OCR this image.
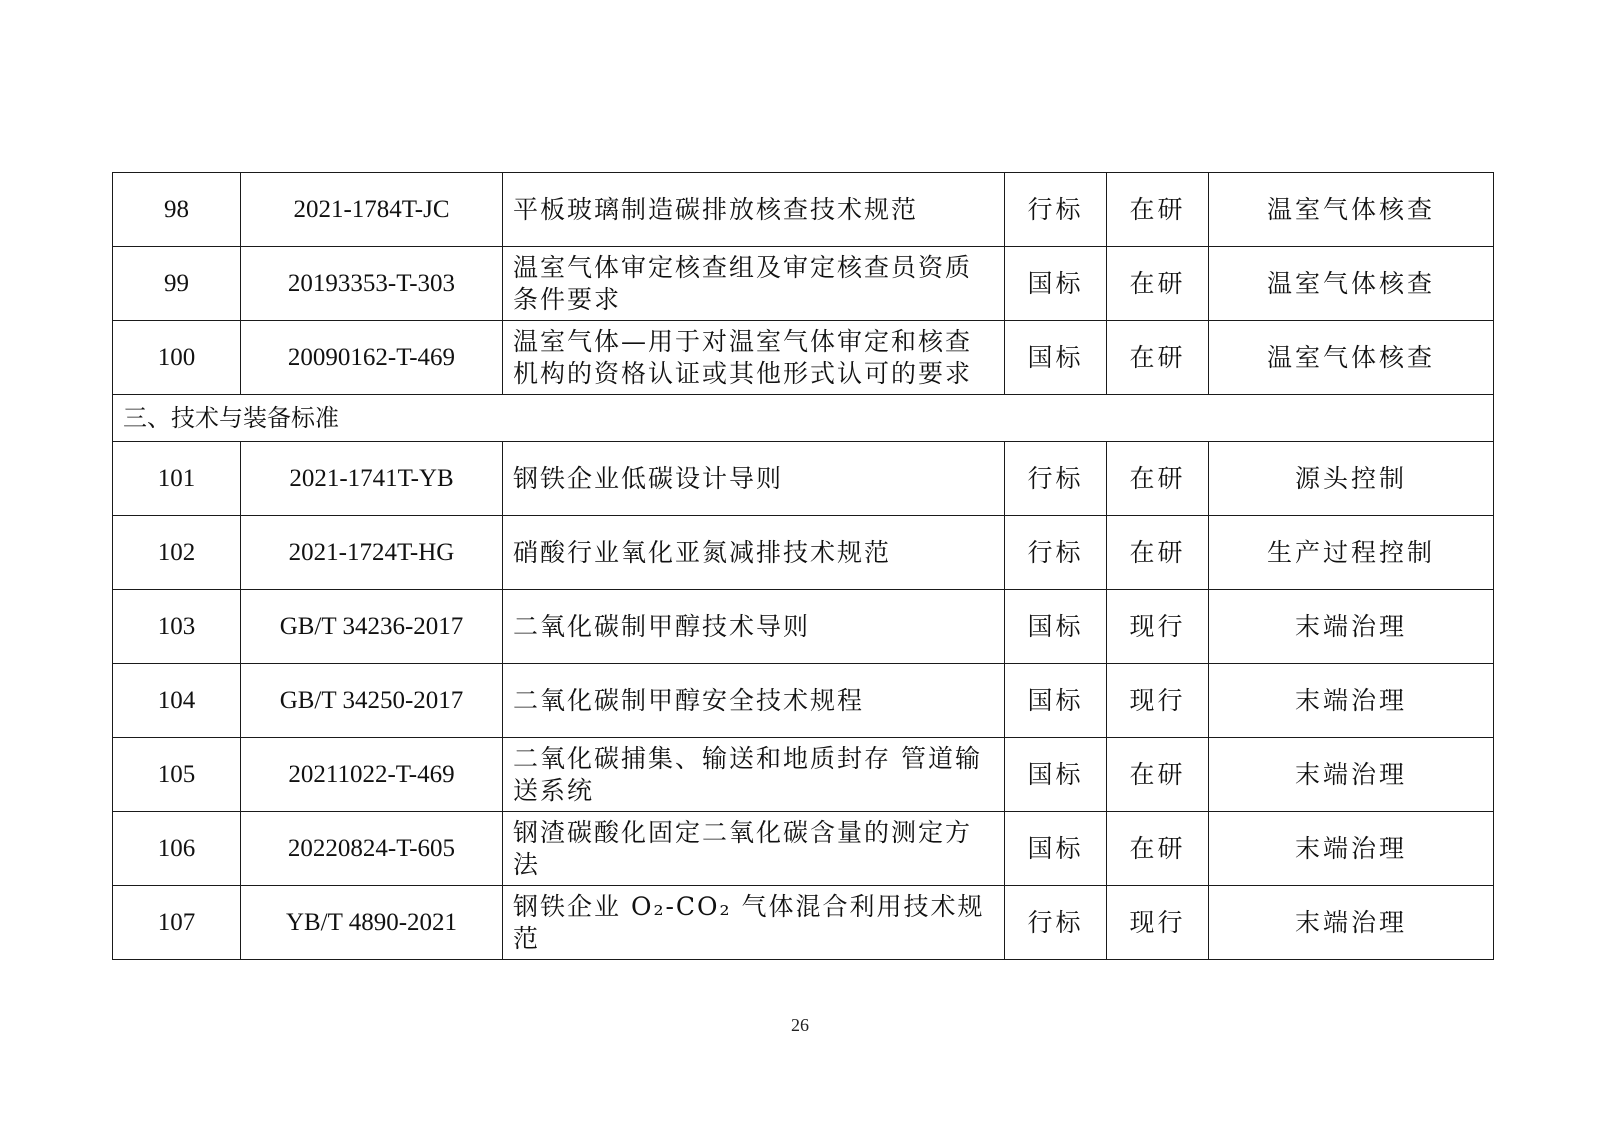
98	2021-1784T-JC	平板玻璃制造碳排放核查技术规范	行标	在研	温室气体核查
99	20193353-T-303	温室气体审定核查组及审定核查员资质条件要求	国标	在研	温室气体核查
100	20090162-T-469	温室气体—用于对温室气体审定和核查机构的资格认证或其他形式认可的要求	国标	在研	温室气体核查
三、技术与装备标准					
101	2021-1741T-YB	钢铁企业低碳设计导则	行标	在研	源头控制
102	2021-1724T-HG	硝酸行业氧化亚氮减排技术规范	行标	在研	生产过程控制
103	GB/T 34236-2017	二氧化碳制甲醇技术导则	国标	现行	末端治理
104	GB/T 34250-2017	二氧化碳制甲醇安全技术规程	国标	现行	末端治理
105	20211022-T-469	二氧化碳捕集、输送和地质封存 管道输送系统	国标	在研	末端治理
106	20220824-T-605	钢渣碳酸化固定二氧化碳含量的测定方法	国标	在研	末端治理
107	YB/T 4890-2021	钢铁企业 O₂-CO₂ 气体混合利用技术规范	行标	现行	末端治理
26
